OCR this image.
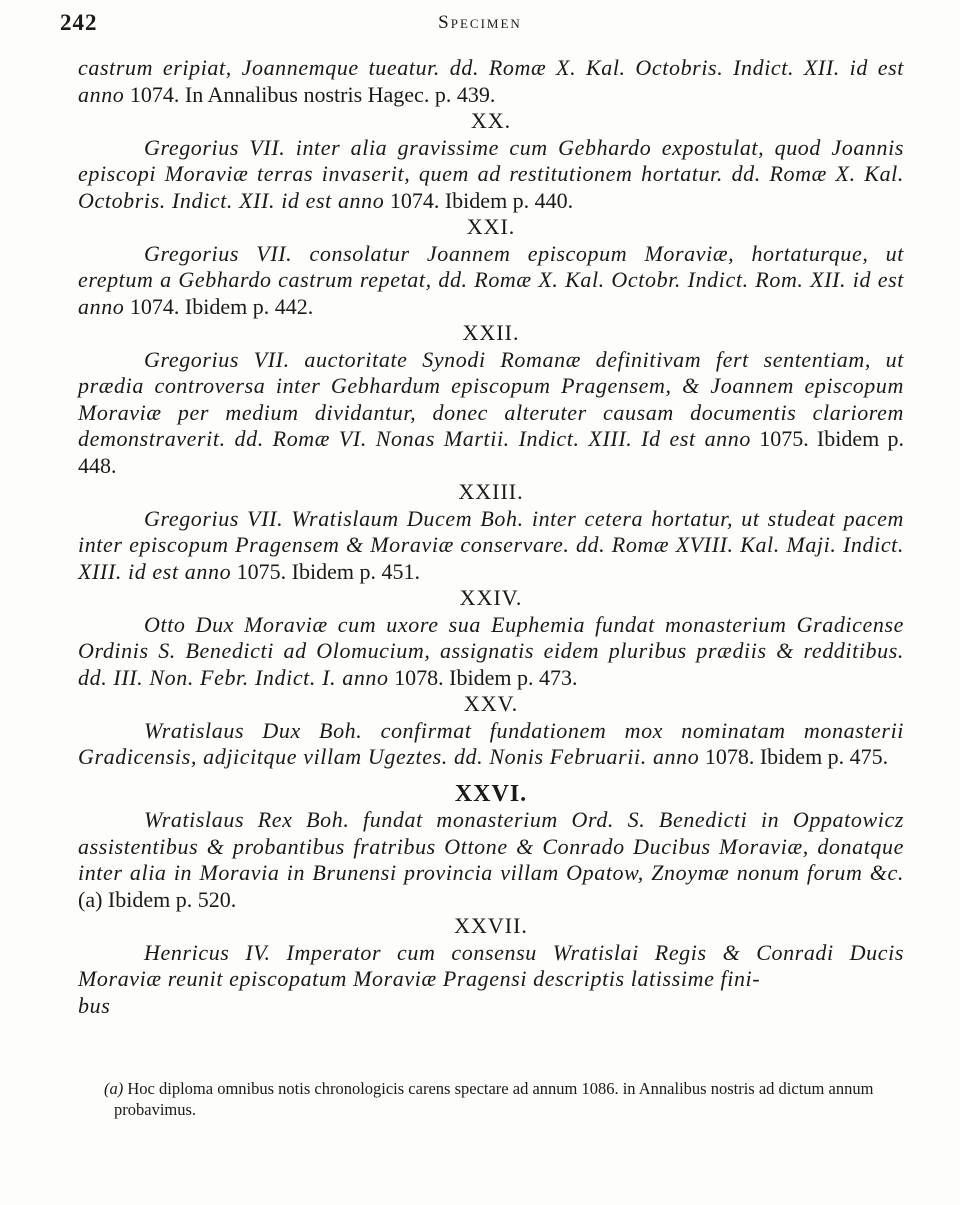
242	Specimen

castrum eripiat, Joannemque tueatur. dd. Romæ X. Kal. Octobris. Indict. XII. id est anno 1074. In Annalibus nostris Hagec. p. 439.

XX.

Gregorius VII. inter alia gravissime cum Gebhardo expostulat, quod Joannis episcopi Moraviæ terras invaserit, quem ad restitutionem hortatur. dd. Romæ X. Kal. Octobris. Indict. XII. id est anno 1074. Ibidem p. 440.

XXI.

Gregorius VII. consolatur Joannem episcopum Moraviæ, hortaturque, ut ereptum a Gebhardo castrum repetat, dd. Romæ X. Kal. Octobr. Indict. Rom. XII. id est anno 1074. Ibidem p. 442.

XXII.

Gregorius VII. auctoritate Synodi Romanæ definitivam fert sententiam, ut prædia controversa inter Gebhardum episcopum Pragensem, & Joannem episcopum Moraviæ per medium dividantur, donec alteruter causam documentis clariorem demonstraverit. dd. Romæ VI. Nonas Martii. Indict. XIII. Id est anno 1075. Ibidem p. 448.

XXIII.

Gregorius VII. Wratislaum Ducem Boh. inter cetera hortatur, ut studeat pacem inter episcopum Pragensem & Moraviæ conservare. dd. Romæ XVIII. Kal. Maji. Indict. XIII. id est anno 1075. Ibidem p. 451.

XXIV.

Otto Dux Moraviæ cum uxore sua Euphemia fundat monasterium Gradicense Ordinis S. Benedicti ad Olomucium, assignatis eidem pluribus prædiis & redditibus. dd. III. Non. Febr. Indict. I. anno 1078. Ibidem p. 473.

XXV.

Wratislaus Dux Boh. confirmat fundationem mox nominatam monasterii Gradicensis, adjicitque villam Ugeztes. dd. Nonis Februarii. anno 1078. Ibidem p. 475.

XXVI.

Wratislaus Rex Boh. fundat monasterium Ord. S. Benedicti in Oppatowicz assistentibus & probantibus fratribus Ottone & Conrado Ducibus Moraviæ, donatque inter alia in Moravia in Brunensi provincia villam Opatow, Znoymæ nonum forum &c. (a) Ibidem p. 520.

XXVII.

Henricus IV. Imperator cum consensu Wratislai Regis & Conradi Ducis Moraviæ reunit episcopatum Moraviæ Pragensi descriptis latissime fini-

bus

(a) Hoc diploma omnibus notis chronologicis carens spectare ad annum 1086. in Annalibus nostris ad dictum annum probavimus.
